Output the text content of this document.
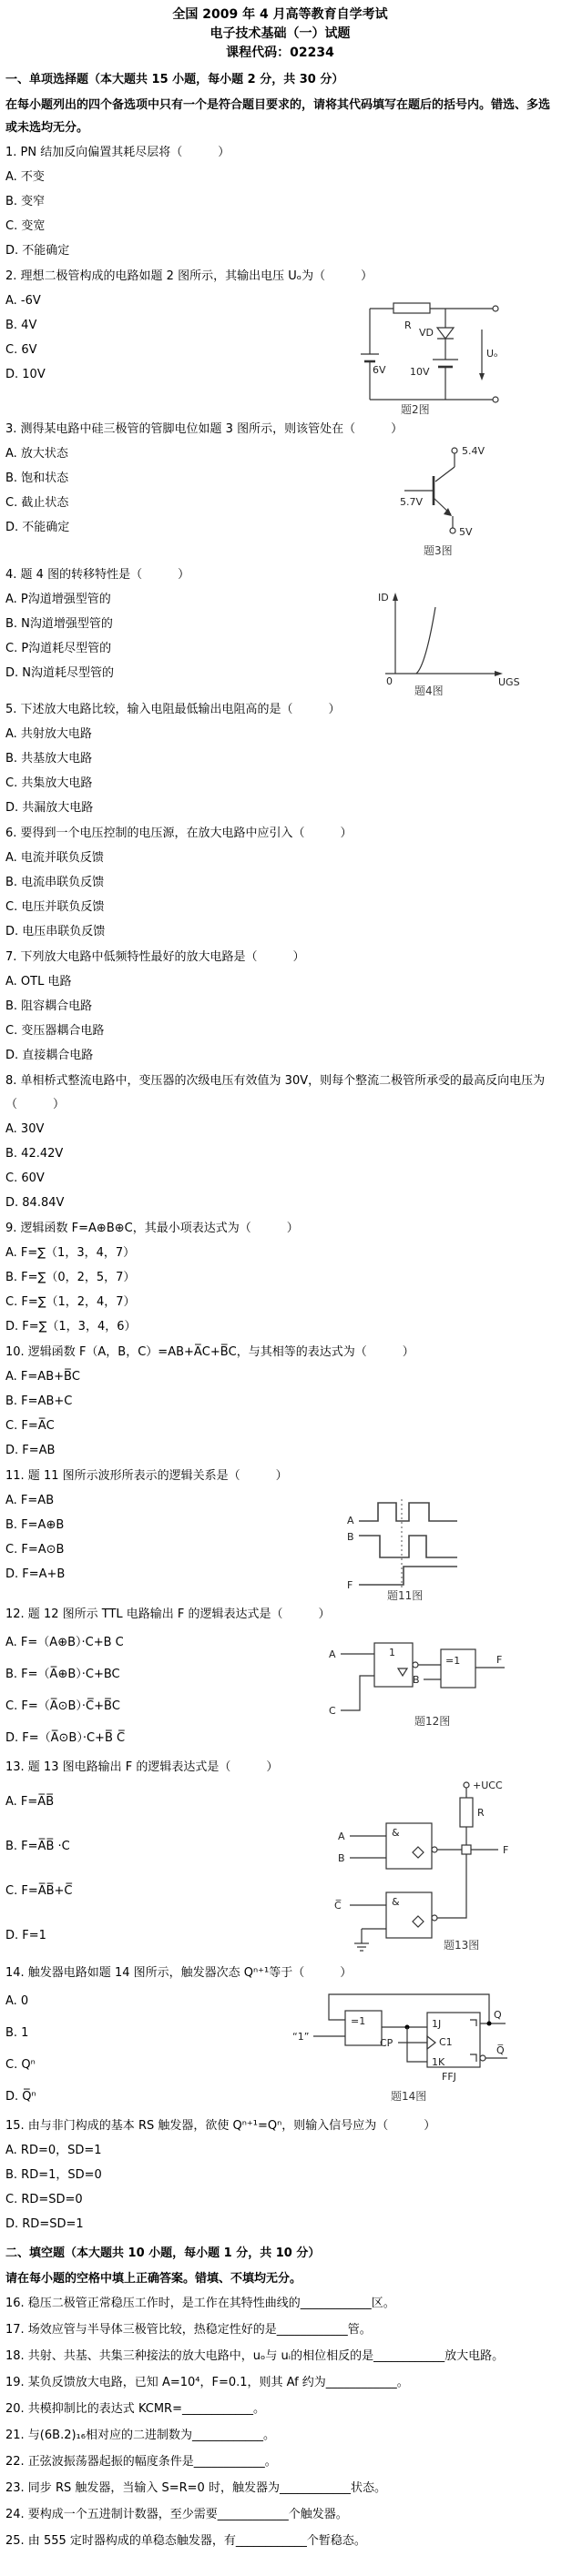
全国 2009 年 4 月高等教育自学考试
电子技术基础（一）试题
课程代码：02234
一、单项选择题（本大题共 15 小题，每小题 2 分，共 30 分）
在每小题列出的四个备选项中只有一个是符合题目要求的，请将其代码填写在题后的括号内。错选、多选或未选均无分。
1. PN 结加反向偏置其耗尽层将（　　　）
A. 不变
B. 变窄
C. 变宽
D. 不能确定
2. 理想二极管构成的电路如题 2 图所示，其输出电压 Uₒ为（　　　）
A. -6V
B. 4V
C. 6V
D. 10V
R
6V
VD
10V
Uₒ
题2图
3. 测得某电路中硅三极管的管脚电位如题 3 图所示，则该管处在（　　　）
A. 放大状态
B. 饱和状态
C. 截止状态
D. 不能确定
5.4V
5.7V
5V
题3图
4. 题 4 图的转移特性是（　　　）
A. P沟道增强型管的
B. N沟道增强型管的
C. P沟道耗尽型管的
D. N沟道耗尽型管的
ID
UGS
0
题4图
5. 下述放大电路比较，输入电阻最低输出电阻高的是（　　　）
A. 共射放大电路
B. 共基放大电路
C. 共集放大电路
D. 共漏放大电路
6. 要得到一个电压控制的电压源，在放大电路中应引入（　　　）
A. 电流并联负反馈
B. 电流串联负反馈
C. 电压并联负反馈
D. 电压串联负反馈
7. 下列放大电路中低频特性最好的放大电路是（　　　）
A. OTL 电路
B. 阻容耦合电路
C. 变压器耦合电路
D. 直接耦合电路
8. 单相桥式整流电路中，变压器的次级电压有效值为 30V，则每个整流二极管所承受的最高反向电压为（　　　）
A. 30V
B. 42.42V
C. 60V
D. 84.84V
9. 逻辑函数 F=A⊕B⊕C，其最小项表达式为（　　　）
A. F=∑（1，3，4，7）
B. F=∑（0，2，5，7）
C. F=∑（1，2，4，7）
D. F=∑（1，3，4，6）
10. 逻辑函数 F（A，B，C）=AB+A̅C+B̅C，与其相等的表达式为（　　　）
A. F=AB+B̅C
B. F=AB+C
C. F=A̅C
D. F=AB
11. 题 11 图所示波形所表示的逻辑关系是（　　　）
A. F=AB
B. F=A⊕B
C. F=A⊙B
D. F=A+B
A
B
F
题11图
12. 题 12 图所示 TTL 电路输出 F 的逻辑表达式是（　　　）
A. F=（A⊕B）·C+B C
B. F=（A̅⊕B）·C+BC
C. F=（A̅⊙B）·C̅+B̅C
D. F=（A̅⊙B）·C+B̅ C̅
A	1
C
=1
B
F
题12图
13. 题 13 图电路输出 F 的逻辑表达式是（　　　）
A. F=A̅B̅
B. F=A̅B̅ ·C
C. F=A̅B̅+C̅
D. F=1
+UCC
R
F
&
A
B
&
C̅
题13图
14. 触发器电路如题 14 图所示，触发器次态 Qⁿ⁺¹等于（　　　）
A. 0
B. 1
C. Qⁿ
D. Q̅ⁿ
“1”
=1	1J
C1
1K
CP
Q
Q̅
FFJ
题14图
15. 由与非门构成的基本 RS 触发器，欲使 Qⁿ⁺¹=Qⁿ，则输入信号应为（　　　）
A. RD=0，SD=1
B. RD=1，SD=0
C. RD=SD=0
D. RD=SD=1
二、填空题（本大题共 10 小题，每小题 1 分，共 10 分）
请在每小题的空格中填上正确答案。错填、不填均无分。
16. 稳压二极管正常稳压工作时，是工作在其特性曲线的____________区。
17. 场效应管与半导体三极管比较，热稳定性好的是____________管。
18. 共射、共基、共集三种接法的放大电路中，uₒ与 uᵢ的相位相反的是____________放大电路。
19. 某负反馈放大电路，已知 A=10⁴，F=0.1，则其 Af 约为____________。
20. 共模抑制比的表达式 KCMR=____________。
21. 与(6B.2)₁₆相对应的二进制数为____________。
22. 正弦波振荡器起振的幅度条件是____________。
23. 同步 RS 触发器，当输入 S=R=0 时，触发器为____________状态。
24. 要构成一个五进制计数器，至少需要____________个触发器。
25. 由 555 定时器构成的单稳态触发器，有____________个暂稳态。
